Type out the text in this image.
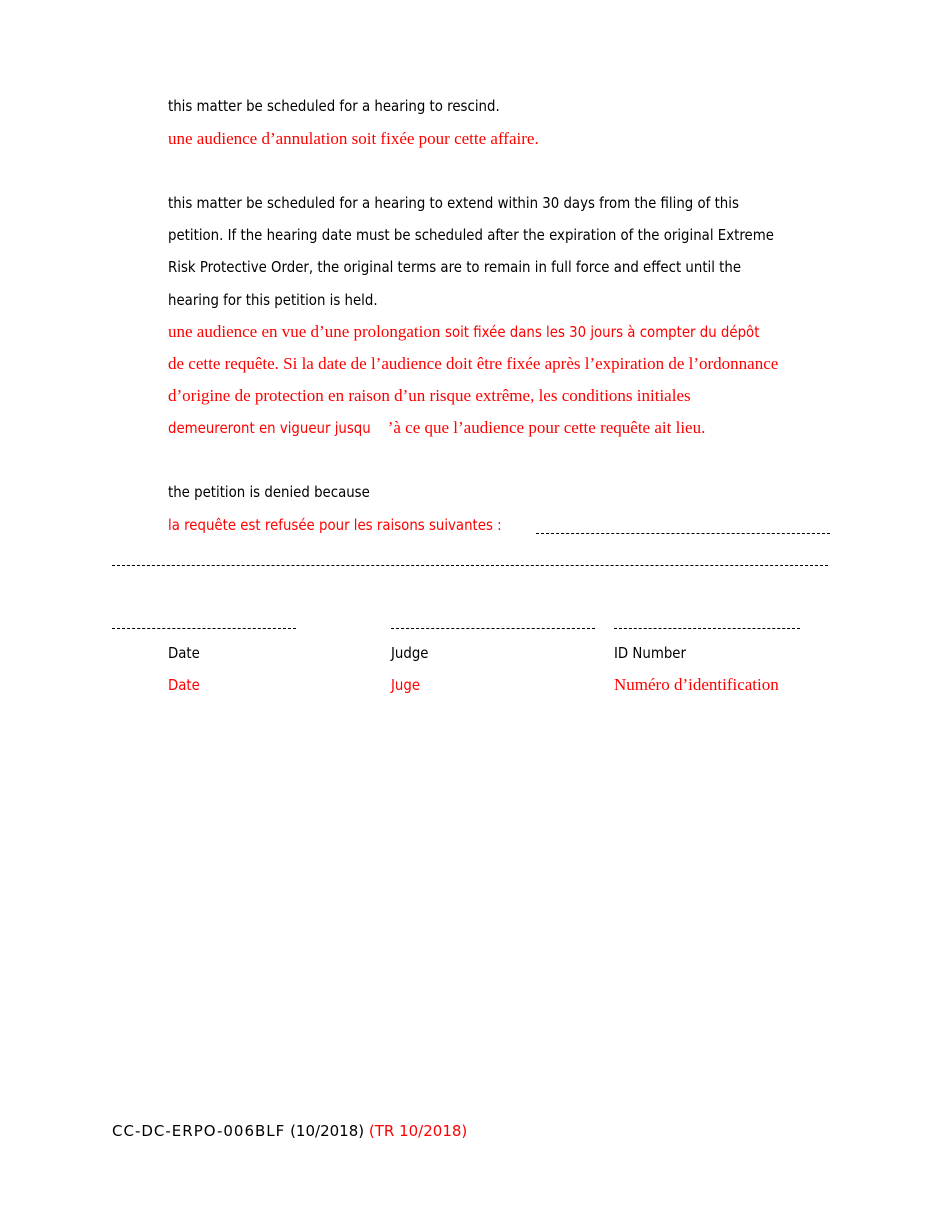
this matter be scheduled for a hearing to rescind.
une audience d’annulation soit fixée pour cette affaire.
this matter be scheduled for a hearing to extend within 30 days from the filing of this
petition. If the hearing date must be scheduled after the expiration of the original Extreme
Risk Protective Order, the original terms are to remain in full force and effect until the
hearing for this petition is held.
une audience en vue d’une prolongation soit fixée dans les 30 jours à compter du dépôt
de cette requête. Si la date de l’audience doit être fixée après l’expiration de l’ordonnance
d’origine de protection en raison d’un risque extrême, les conditions initiales
demeureront en vigueur jusqu ’à ce que l’audience pour cette requête ait lieu.
the petition is denied because
la requête est refusée pour les raisons suivantes :
Date	Judge	ID Number
Date	Juge	Numéro d’identification
CC-DC-ERPO-006BLF (10/2018) (TR 10/2018)
